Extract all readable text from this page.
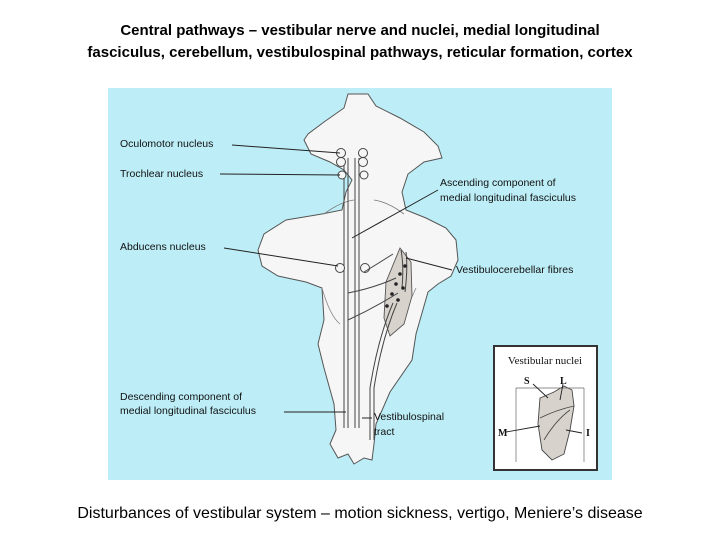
Central pathways – vestibular nerve and nuclei, medial longitudinal
fasciculus, cerebellum, vestibulospinal pathways, reticular formation, cortex
Oculomotor nucleus
Trochlear nucleus
Ascending component of
medial longitudinal fasciculus
Abducens nucleus
Vestibulocerebellar fibres
Descending component of
medial longitudinal fasciculus	Vestibulospinal
tract
Vestibular nuclei
S	L
M	I
Disturbances of vestibular system – motion sickness, vertigo, Meniere’s disease
